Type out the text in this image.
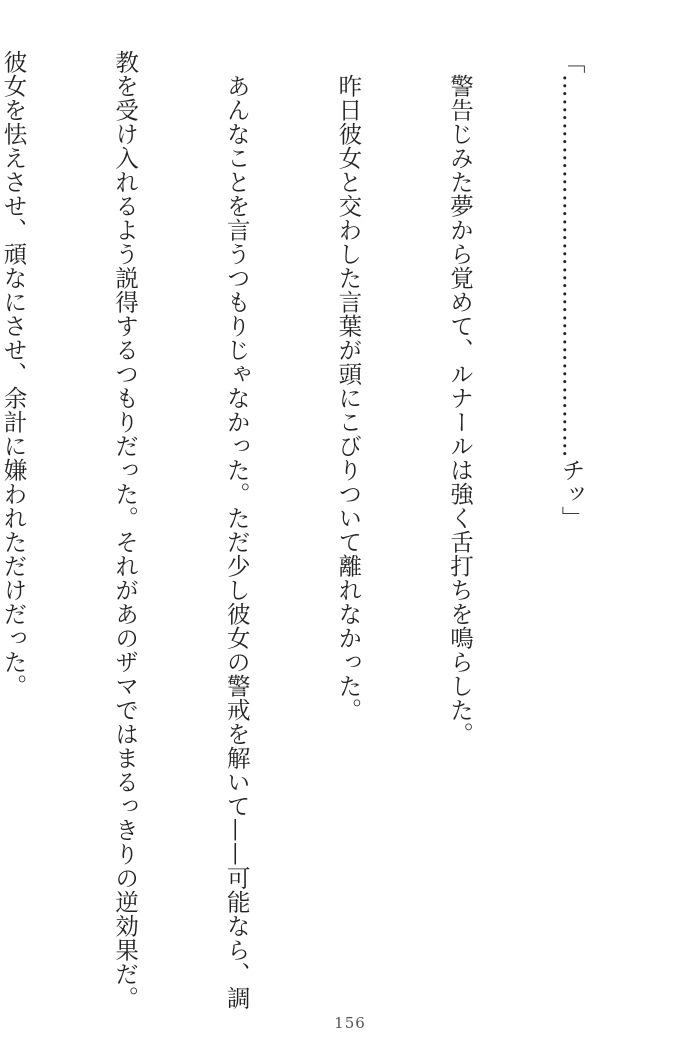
「…………………………………………チッ」

　警告じみた夢から覚めて、ルナールは強く舌打ちを鳴らした。

　昨日彼女と交わした言葉が頭にこびりついて離れなかった。

　あんなことを言うつもりじゃなかった。ただ少し彼女の警戒を解いて——可能なら、調

教を受け入れるよう説得するつもりだった。それがあのザマではまるっきりの逆効果だ。

彼女を怯えさせ、頑なにさせ、余計に嫌われただけだった。

156
